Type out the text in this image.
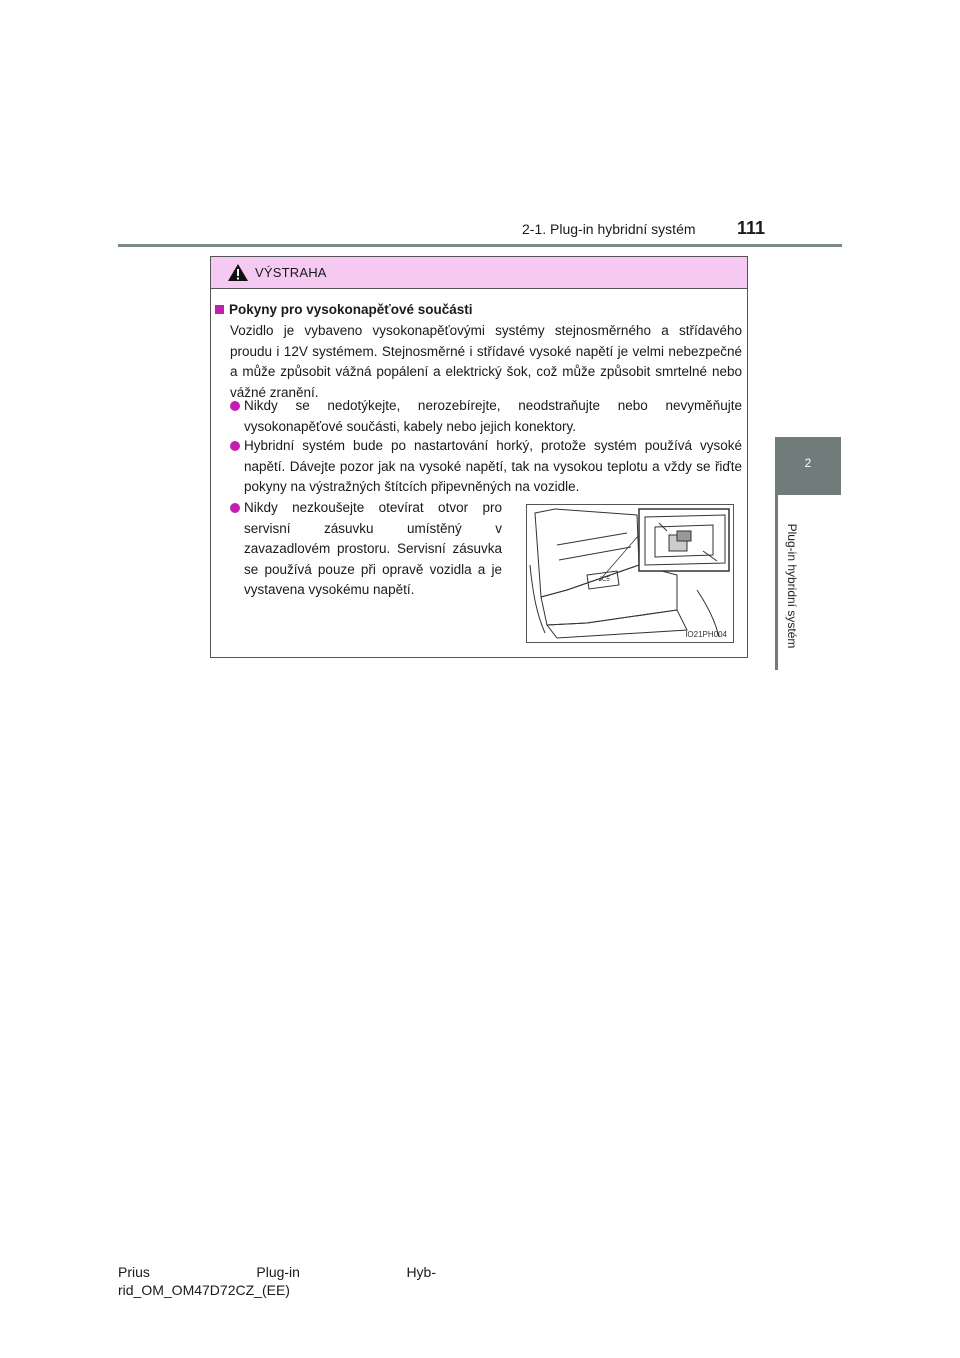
2-1. Plug-in hybridní systém 111
2
Plug-in hybridní systém
VÝSTRAHA
Pokyny pro vysokonapěťové součásti
Vozidlo je vybaveno vysokonapěťovými systémy stejnosměrného a střídavého proudu i 12V systémem. Stejnosměrné i střídavé vysoké napětí je velmi nebezpečné a může způsobit vážná popálení a elektrický šok, což může způsobit smrtelné nebo vážné zranění.
Nikdy se nedotýkejte, nerozebírejte, neodstraňujte nebo nevyměňujte vysokonapěťové součásti, kabely nebo jejich konektory.
Hybridní systém bude po nastartování horký, protože systém používá vysoké napětí. Dávejte pozor jak na vysoké napětí, tak na vysokou teplotu a vždy se řiďte pokyny na výstražných štítcích připevněných na vozidle.
Nikdy nezkoušejte otevírat otvor pro servisní zásuvku umístěný v zavazadlovém prostoru. Servisní zásuvka se používá pouze při opravě vozidla a je vystavena vysokému napětí.
JC5
IO21PH004
Prius	Plug-in	Hyb-
rid_OM_OM47D72CZ_(EE)
